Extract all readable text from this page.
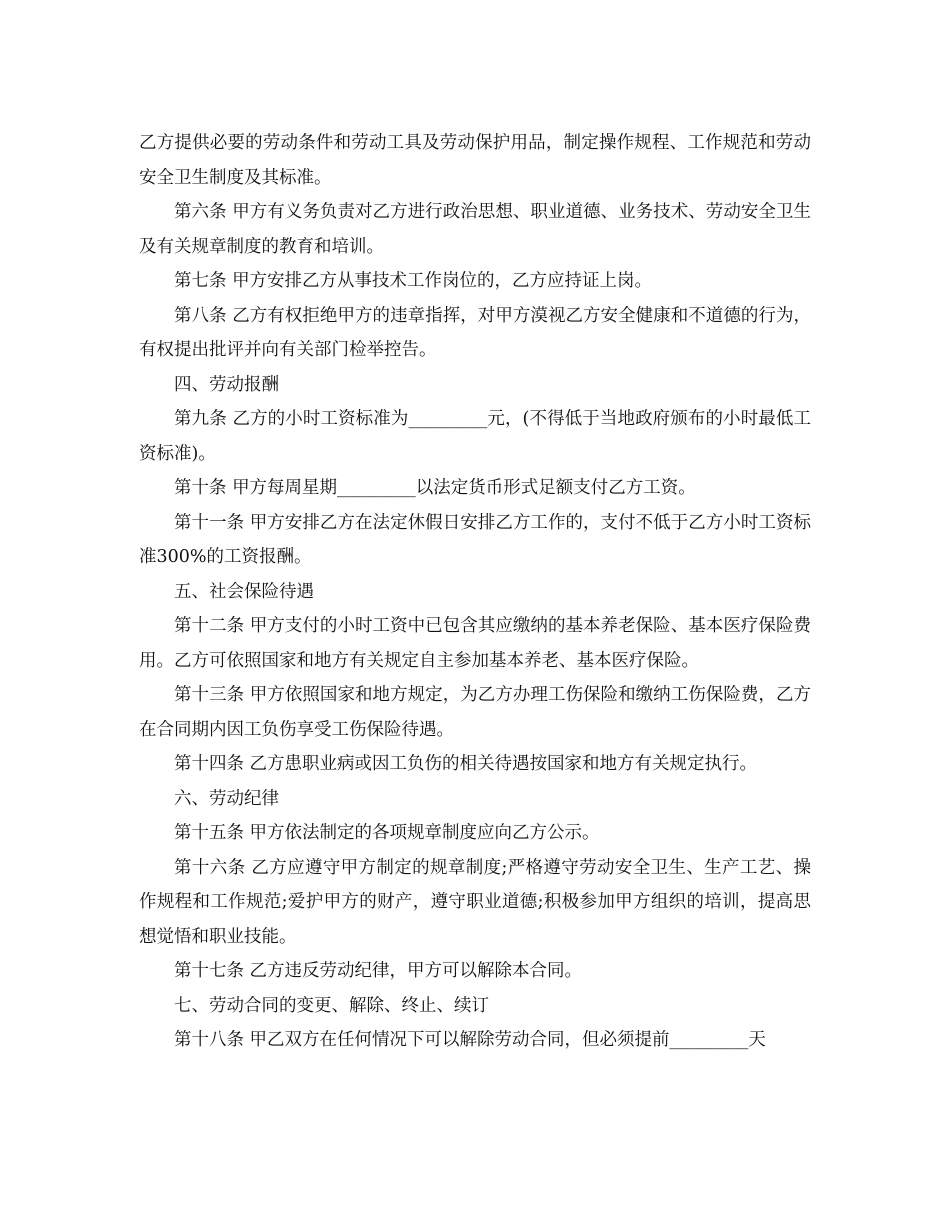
乙方提供必要的劳动条件和劳动工具及劳动保护用品，制定操作规程、工作规范和劳动安全卫生制度及其标准。

第六条 甲方有义务负责对乙方进行政治思想、职业道德、业务技术、劳动安全卫生及有关规章制度的教育和培训。

第七条 甲方安排乙方从事技术工作岗位的，乙方应持证上岗。

第八条 乙方有权拒绝甲方的违章指挥，对甲方漠视乙方安全健康和不道德的行为，有权提出批评并向有关部门检举控告。

四、劳动报酬

第九条 乙方的小时工资标准为_________元，(不得低于当地政府颁布的小时最低工资标准)。

第十条 甲方每周星期_________以法定货币形式足额支付乙方工资。

第十一条 甲方安排乙方在法定休假日安排乙方工作的，支付不低于乙方小时工资标准300%的工资报酬。

五、社会保险待遇

第十二条 甲方支付的小时工资中已包含其应缴纳的基本养老保险、基本医疗保险费用。乙方可依照国家和地方有关规定自主参加基本养老、基本医疗保险。

第十三条 甲方依照国家和地方规定，为乙方办理工伤保险和缴纳工伤保险费，乙方在合同期内因工负伤享受工伤保险待遇。

第十四条 乙方患职业病或因工负伤的相关待遇按国家和地方有关规定执行。

六、劳动纪律

第十五条 甲方依法制定的各项规章制度应向乙方公示。

第十六条 乙方应遵守甲方制定的规章制度;严格遵守劳动安全卫生、生产工艺、操作规程和工作规范;爱护甲方的财产，遵守职业道德;积极参加甲方组织的培训，提高思想觉悟和职业技能。

第十七条 乙方违反劳动纪律，甲方可以解除本合同。

七、劳动合同的变更、解除、终止、续订

第十八条 甲乙双方在任何情况下可以解除劳动合同，但必须提前_________天
